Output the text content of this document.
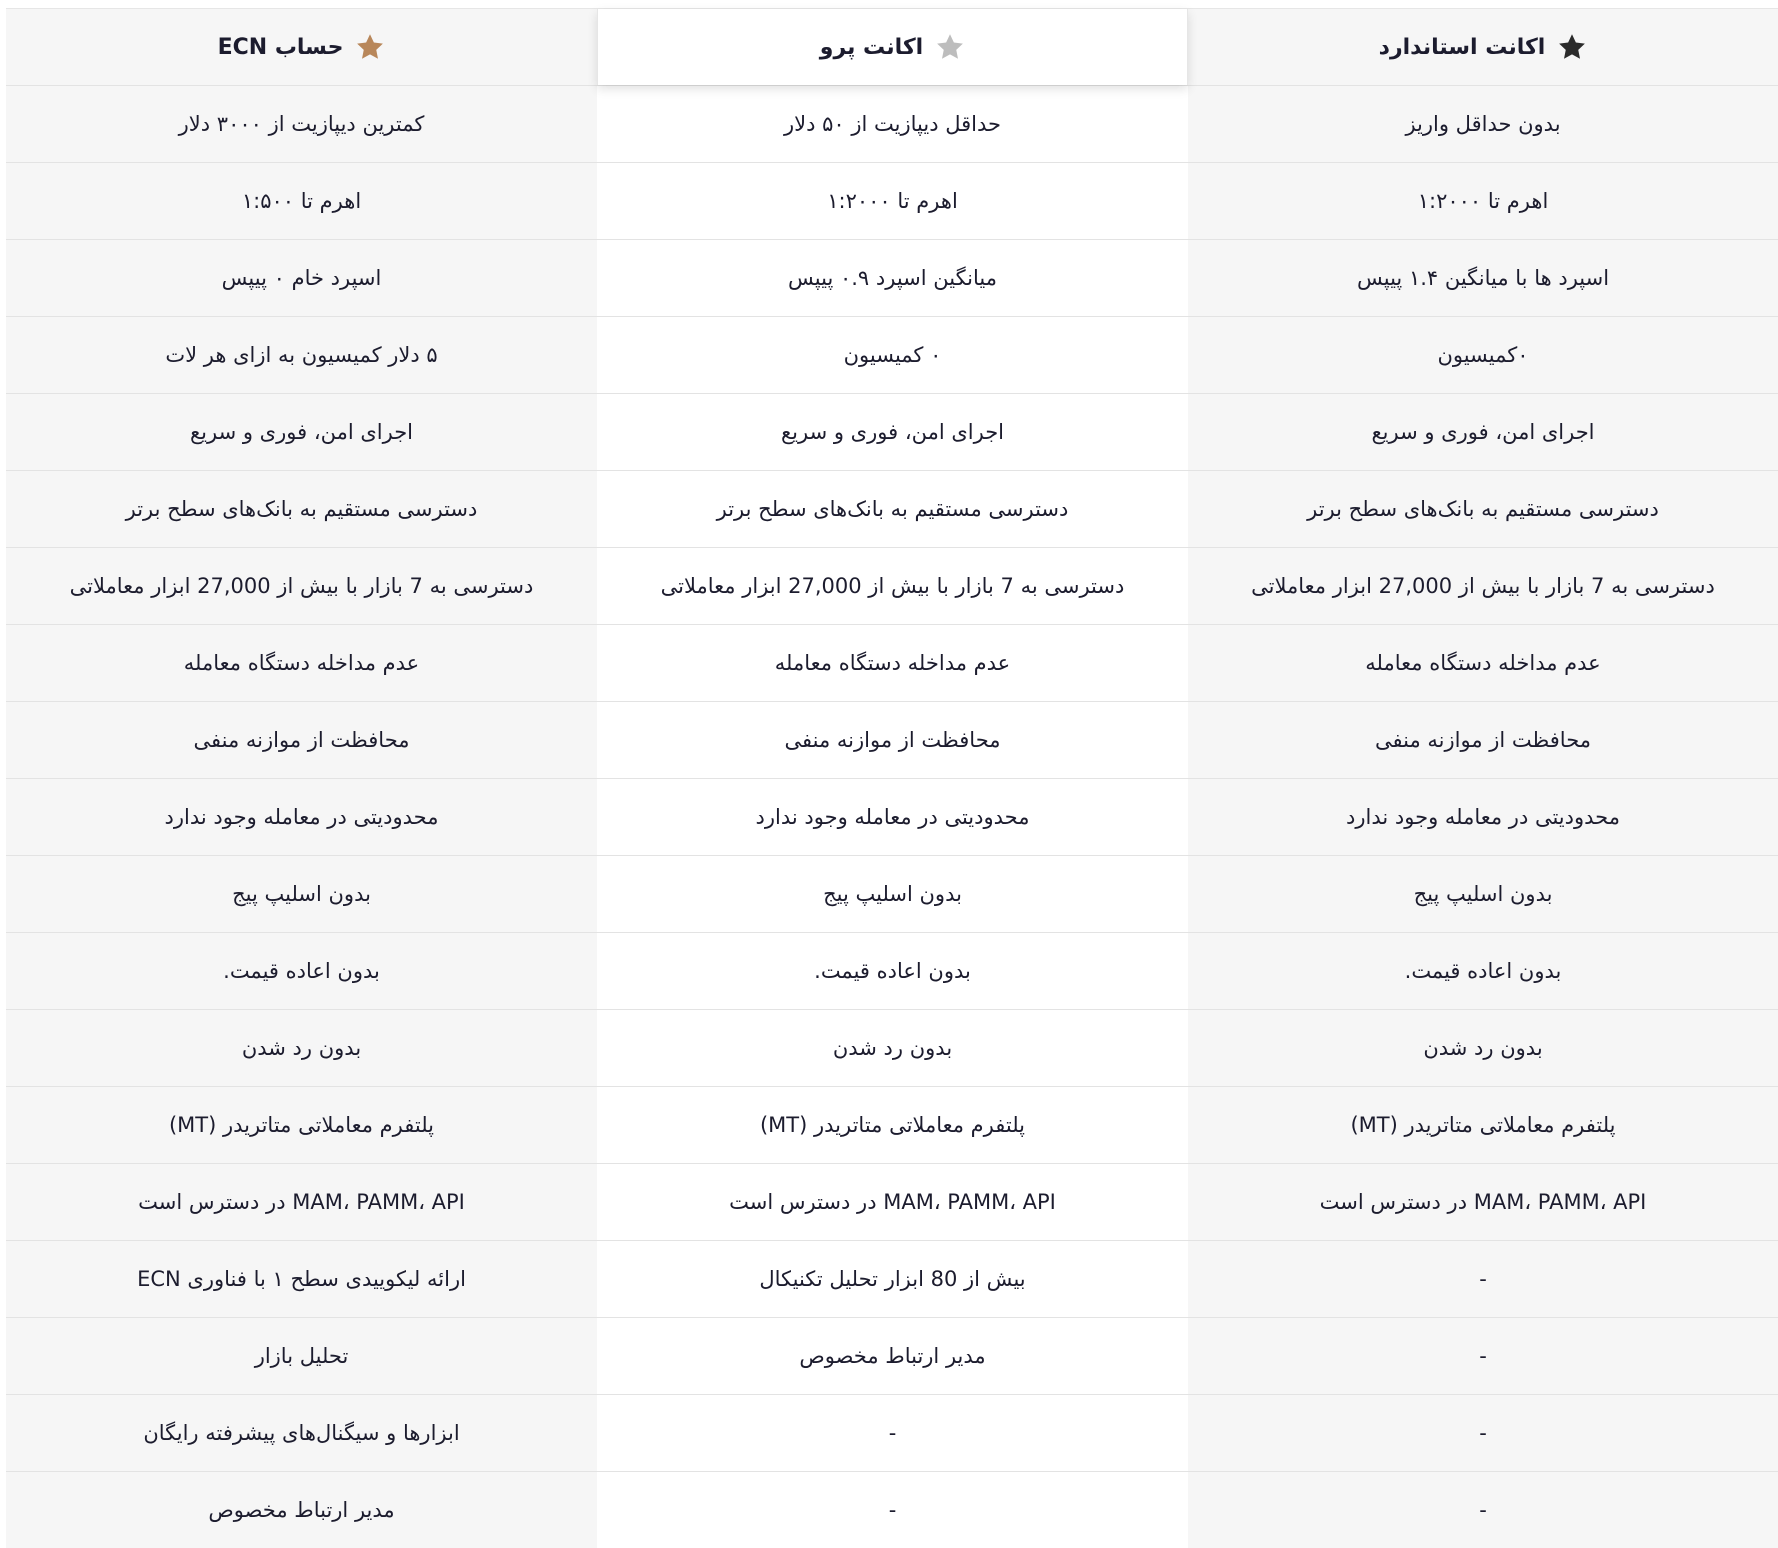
اکانت استاندارد
اکانت پرو
حساب ECN
بدون حداقل واریز
حداقل دیپازیت از ۵۰ دلار
کمترین دیپازیت از ۳۰۰۰ دلار
اهرم تا ۱:۲۰۰۰
اهرم تا ۱:۲۰۰۰
اهرم تا ۱:۵۰۰
اسپرد ها با میانگین ۱.۴ پیپس
میانگین اسپرد ۰.۹ پیپس
اسپرد خام ۰ پیپس
۰کمیسیون
۰ کمیسیون
۵ دلار کمیسیون به ازای هر لات
اجرای امن، فوری و سریع
اجرای امن، فوری و سریع
اجرای امن، فوری و سریع
دسترسی مستقیم به بانک‌های سطح برتر
دسترسی مستقیم به بانک‌های سطح برتر
دسترسی مستقیم به بانک‌های سطح برتر
دسترسی به 7 بازار با بیش از 27,000 ابزار معاملاتی
دسترسی به 7 بازار با بیش از 27,000 ابزار معاملاتی
دسترسی به 7 بازار با بیش از 27,000 ابزار معاملاتی
عدم مداخله دستگاه معامله
عدم مداخله دستگاه معامله
عدم مداخله دستگاه معامله
محافظت از موازنه منفی
محافظت از موازنه منفی
محافظت از موازنه منفی
محدودیتی در معامله وجود ندارد
محدودیتی در معامله وجود ندارد
محدودیتی در معامله وجود ندارد
بدون اسلیپ پیج
بدون اسلیپ پیج
بدون اسلیپ پیج
بدون اعاده قیمت.
بدون اعاده قیمت.
بدون اعاده قیمت.
بدون رد شدن
بدون رد شدن
بدون رد شدن
پلتفرم معاملاتی متاتریدر (MT)
پلتفرم معاملاتی متاتریدر (MT)
پلتفرم معاملاتی متاتریدر (MT)
MAM، PAMM، API در دسترس است
MAM، PAMM، API در دسترس است
MAM، PAMM، API در دسترس است
-
بیش از 80 ابزار تحلیل تکنیکال
ارائه لیکوییدی سطح ۱ با فناوری ECN
-
مدیر ارتباط مخصوص
تحلیل بازار
-
-
ابزارها و سیگنال‌های پیشرفته رایگان
-
-
مدیر ارتباط مخصوص
